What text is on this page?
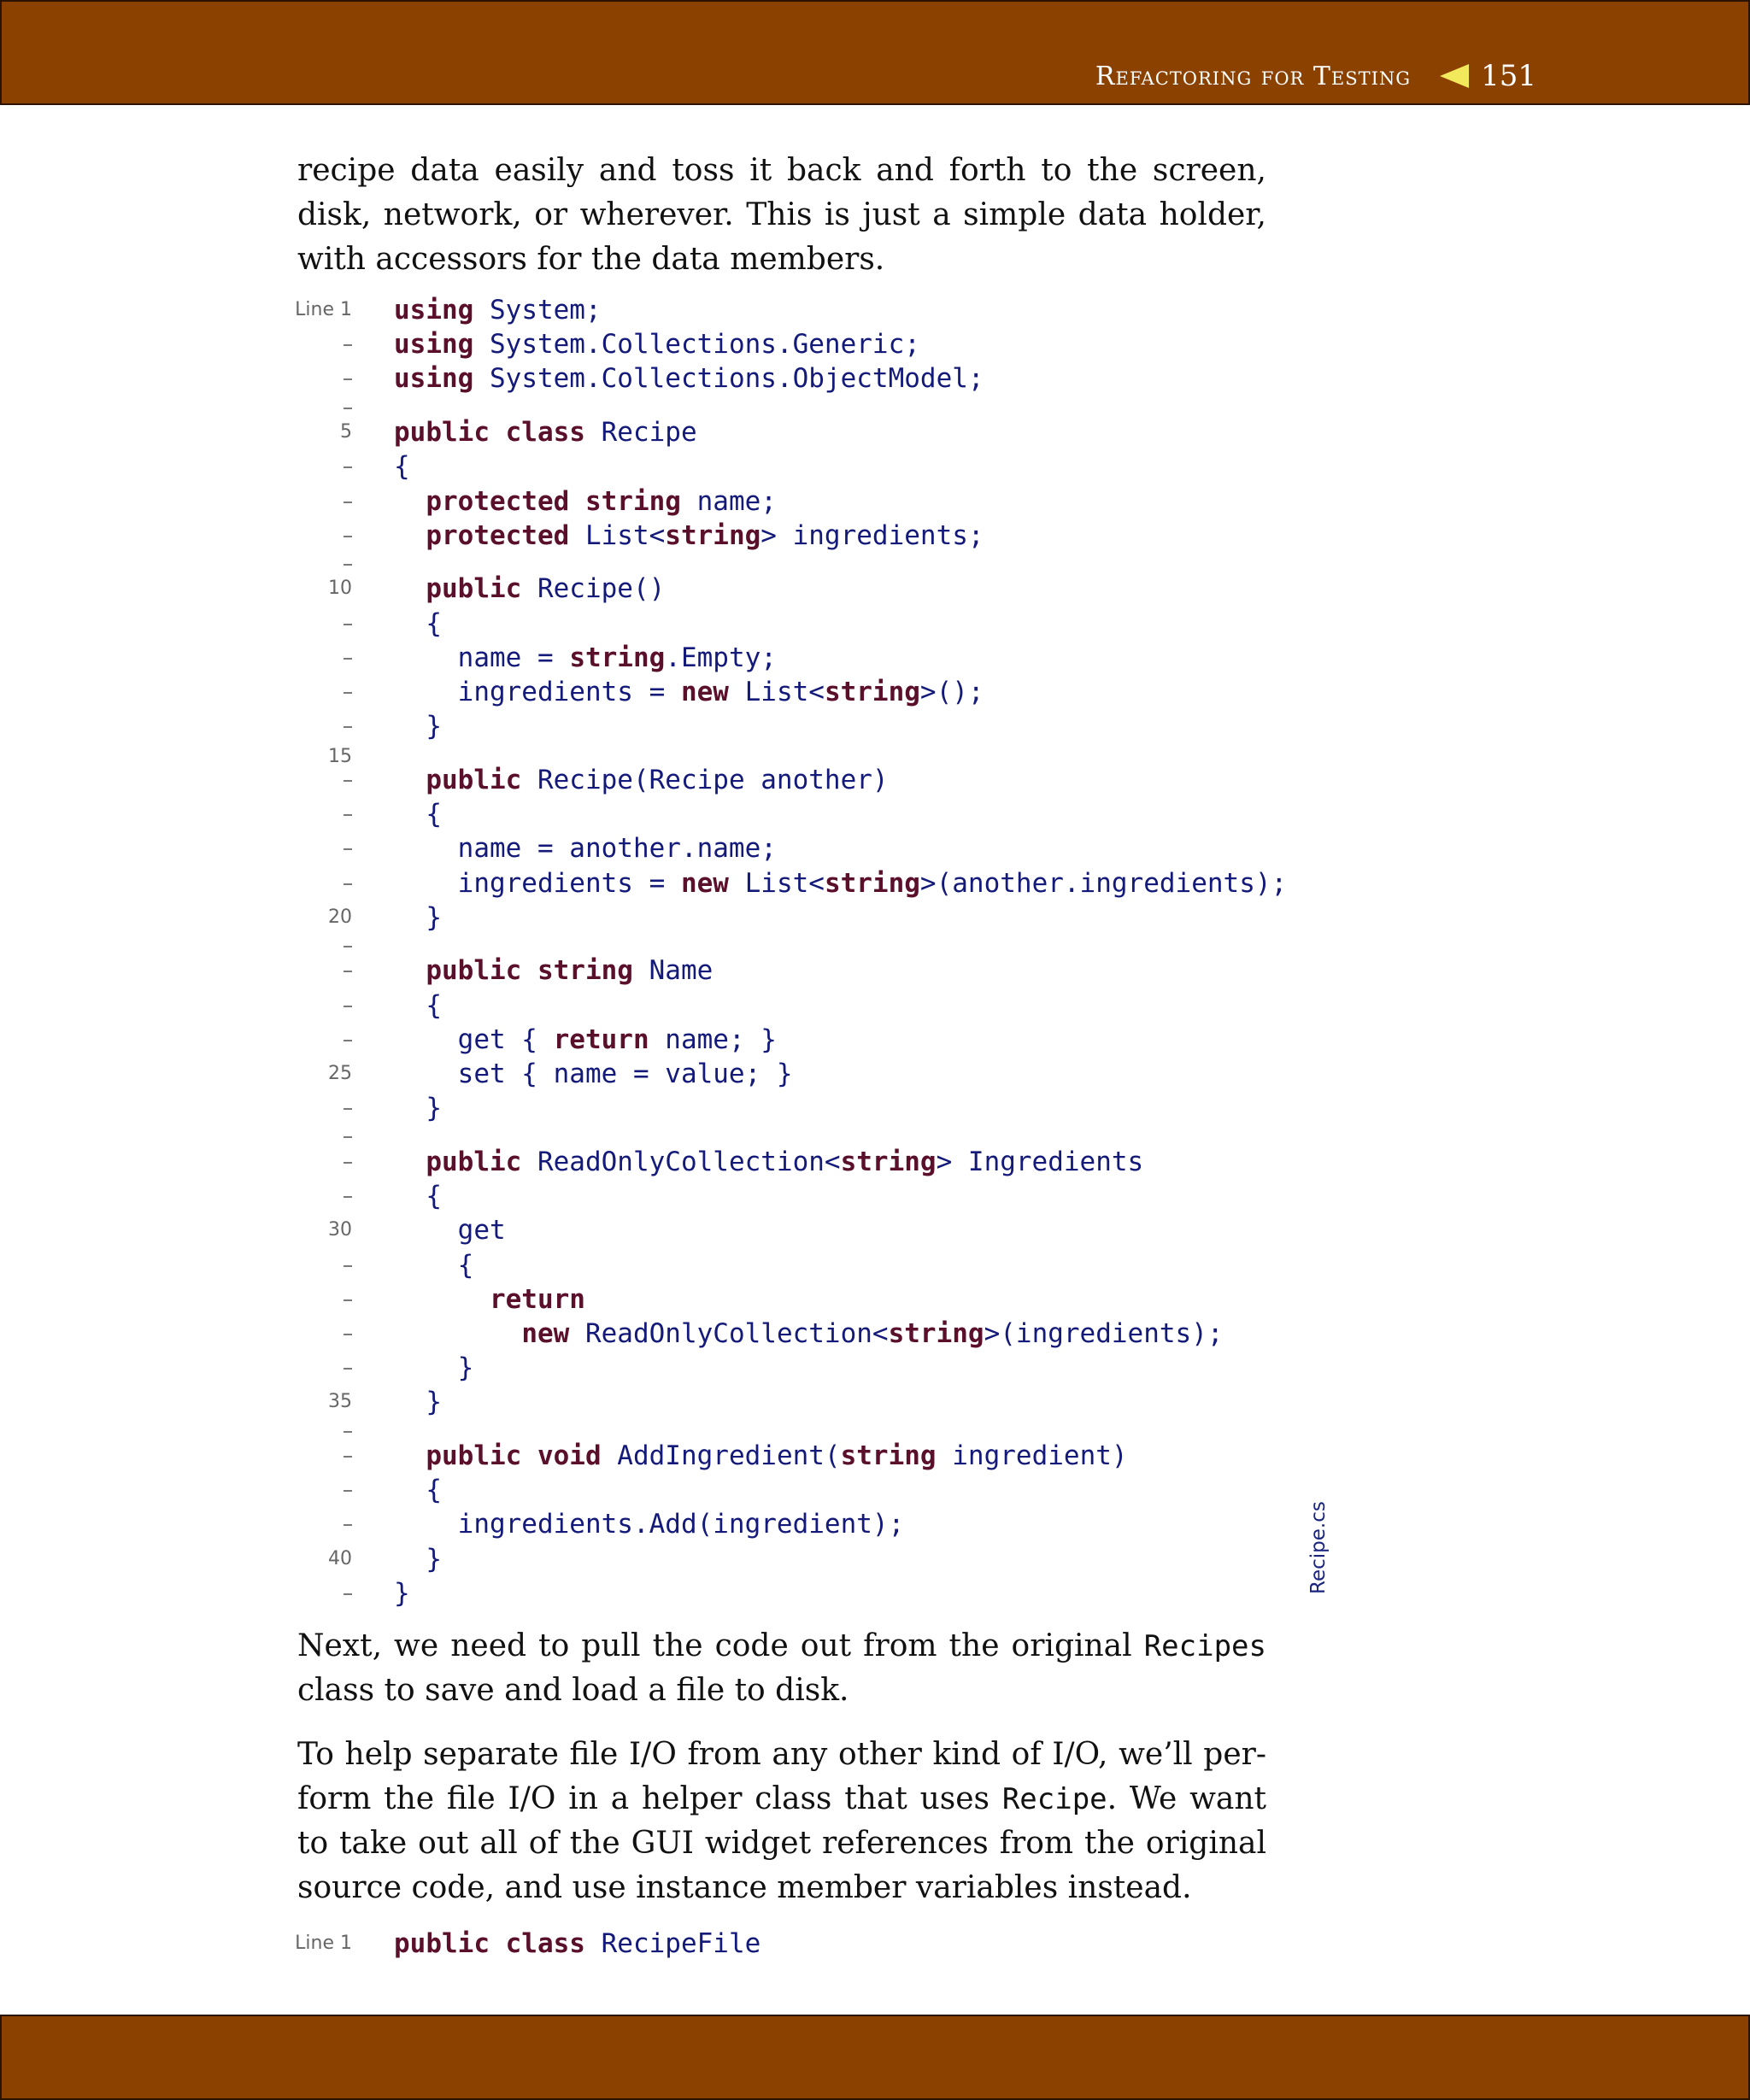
Refactoring for Testing 151

recipe data easily and toss it back and forth to the screen, disk, network, or wherever. This is just a simple data holder,
with accessors for the data members.

Line 1 using System;
using System.Collections.Generic;
using System.Collections.ObjectModel;
5 public class Recipe
{
protected string name;
protected List<string> ingredients;
10	public Recipe()
{
name = string.Empty;
ingredients = new List<string>();
}
15
public Recipe(Recipe another)
{
name = another.name;
ingredients = new List<string>(another.ingredients);
20 }
public string Name
{
get { return name; }
25 set { name = value; }
}
public ReadOnlyCollection<string> Ingredients
{
30 get
{
return
new ReadOnlyCollection<string>(ingredients);
}
35 }
public void AddIngredient(string ingredient)
{
ingredients.Add(ingredient);
40 }
}	Recipe.cs

Next, we need to pull the code out from the original Recipes
class to save and load a file to disk.

To help separate file I/O from any other kind of I/O, we’ll per- form the file I/O in a helper class that uses Recipe. We want to take out all of the GUI widget references from the original
source code, and use instance member variables instead.

Line 1 public class RecipeFile
